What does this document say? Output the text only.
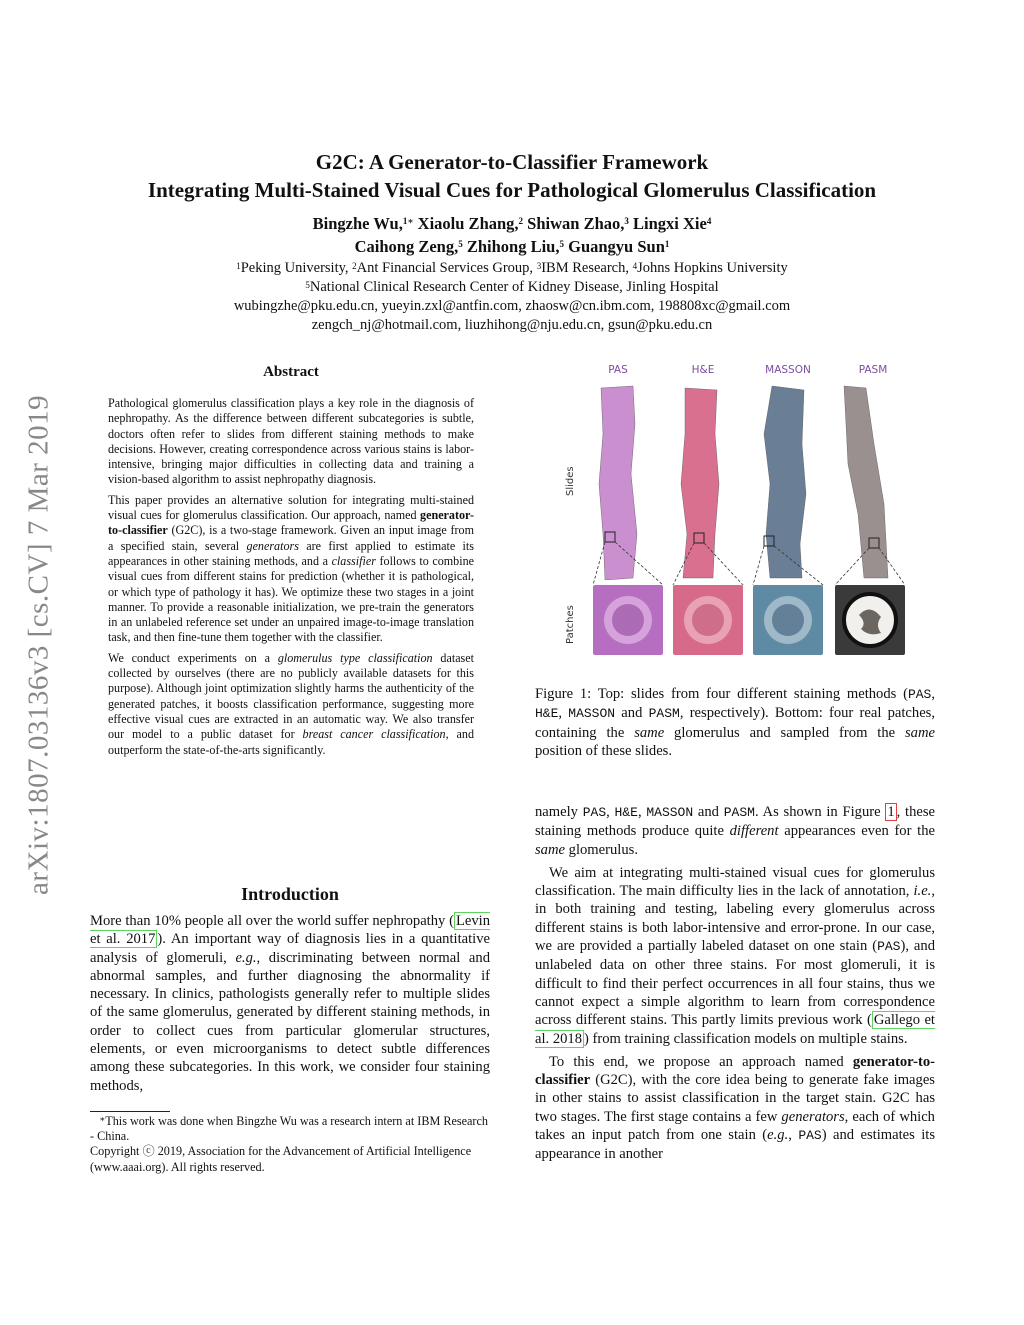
arXiv:1807.03136v3 [cs.CV] 7 Mar 2019
G2C: A Generator-to-Classifier Framework
Integrating Multi-Stained Visual Cues for Pathological Glomerulus Classification
Bingzhe Wu,$^{1∗}$ Xiaolu Zhang,$^2$ Shiwan Zhao,$^3$ Lingxi Xie$^4$
Caihong Zeng,$^5$ Zhihong Liu,$^5$ Guangyu Sun$^1$
$^1$Peking University, $^2$Ant Financial Services Group, $^3$IBM Research, $^4$Johns Hopkins University
$^5$National Clinical Research Center of Kidney Disease, Jinling Hospital
wubingzhe@pku.edu.cn, yueyin.zxl@antfin.com, zhaosw@cn.ibm.com, 198808xc@gmail.com
zengch_nj@hotmail.com, liuzhihong@nju.edu.cn, gsun@pku.edu.cn
Abstract

Pathological glomerulus classification plays a key role in the diagnosis of nephropathy. As the difference between different subcategories is subtle, doctors often refer to slides from different staining methods to make decisions. However, creating correspondence across various stains is labor-intensive, bringing major difficulties in collecting data and training a vision-based algorithm to assist nephropathy diagnosis.

This paper provides an alternative solution for integrating multi-stained visual cues for glomerulus classification. Our approach, named generator-to-classifier (G2C), is a two-stage framework. Given an input image from a specified stain, several generators are first applied to estimate its appearances in other staining methods, and a classifier follows to combine visual cues from different stains for prediction (whether it is pathological, or which type of pathology it has). We optimize these two stages in a joint manner. To provide a reasonable initialization, we pre-train the generators in an unlabeled reference set under an unpaired image-to-image translation task, and then fine-tune them together with the classifier.

We conduct experiments on a glomerulus type classification dataset collected by ourselves (there are no publicly available datasets for this purpose). Although joint optimization slightly harms the authenticity of the generated patches, it boosts classification performance, suggesting more effective visual cues are extracted in an automatic way. We also transfer our model to a public dataset for breast cancer classification, and outperform the state-of-the-arts significantly.

Introduction
More than 10% people all over the world suffer nephropathy ( Levin et al. 2017 ). An important way of diagnosis lies in a quantitative analysis of glomeruli, e.g., discriminating between normal and abnormal samples, and further diagnosing the abnormality if necessary. In clinics, pathologists generally refer to multiple slides of the same glomerulus, generated by different staining methods, in order to collect cues from particular glomerular structures, elements, or even microorganisms to detect subtle differences among these subcategories. In this work, we consider four staining methods,

∗This work was done when Bingzhe Wu was a research intern at IBM Research - China.

Copyright ⓒ 2019, Association for the Advancement of Artificial Intelligence (www.aaai.org). All rights reserved.

PAS	H&E	MASSON	PASM
Slides
Patches
Figure 1: Top: slides from four different staining methods (PAS, H&E, MASSON and PASM, respectively). Bottom: four real patches, containing the same glomerulus and sampled from the same position of these slides.

namely PAS, H&E, MASSON and PASM. As shown in Figure 1 , these staining methods produce quite different appearances even for the same glomerulus.

We aim at integrating multi-stained visual cues for glomerulus classification. The main difficulty lies in the lack of annotation, i.e., in both training and testing, labeling every glomerulus across different stains is both labor-intensive and error-prone. In our case, we are provided a partially labeled dataset on one stain (PAS), and unlabeled data on other three stains. For most glomeruli, it is difficult to find their perfect occurrences in all four stains, thus we cannot expect a simple algorithm to learn from correspondence across different stains. This partly limits previous work ( Gallego et al. 2018 ) from training classification models on multiple stains.

To this end, we propose an approach named generator-to-classifier (G2C), with the core idea being to generate fake images in other stains to assist classification in the target stain. G2C has two stages. The first stage contains a few generators, each of which takes an input patch from one stain (e.g., PAS) and estimates its appearance in another
